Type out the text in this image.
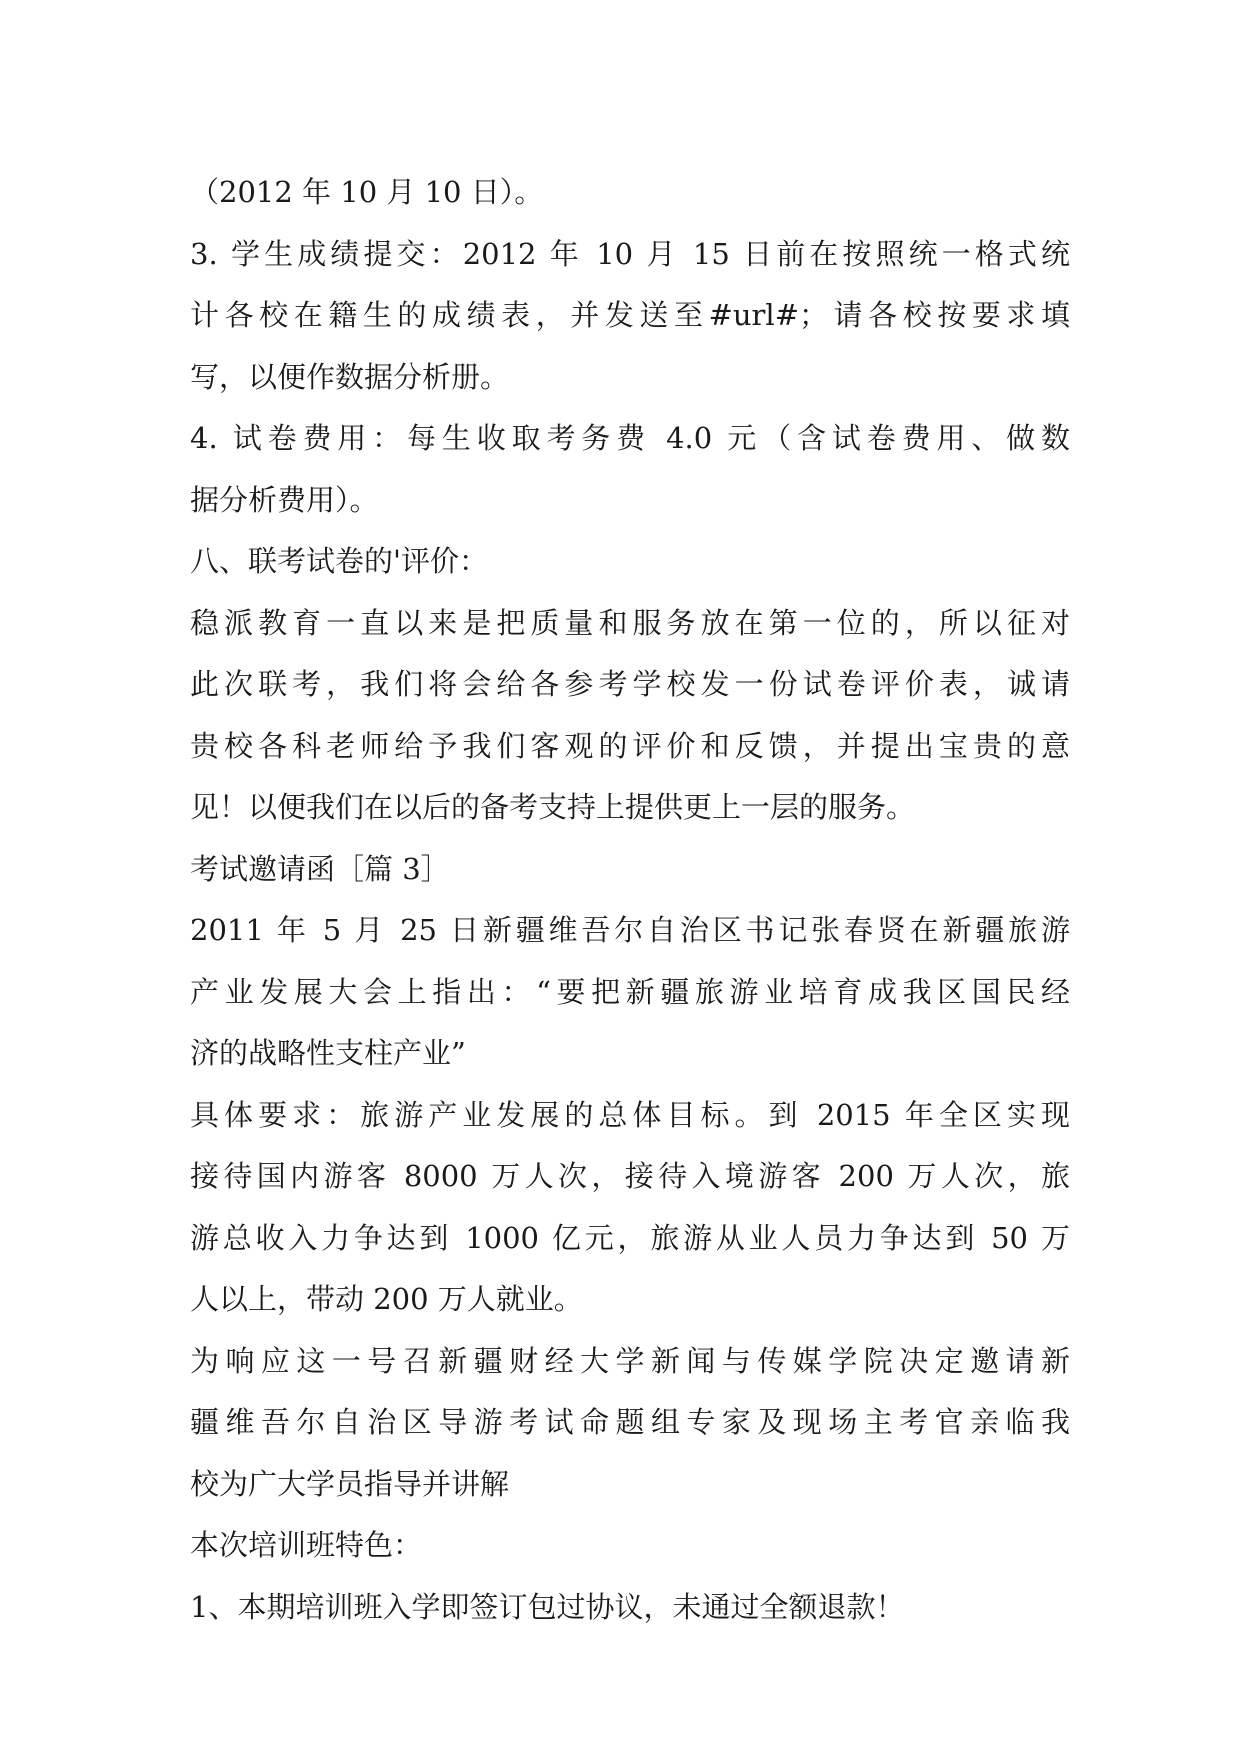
（2012 年 10 月 10 日）。
3. 学生成绩提交：2012 年 10 月 15 日前在按照统一格式统
计各校在籍生的成绩表，并发送至#url#；请各校按要求填
写，以便作数据分析册。
4. 试卷费用：每生收取考务费 4.0 元（含试卷费用、做数
据分析费用）。
八、联考试卷的'评价：
稳派教育一直以来是把质量和服务放在第一位的，所以征对
此次联考，我们将会给各参考学校发一份试卷评价表，诚请
贵校各科老师给予我们客观的评价和反馈，并提出宝贵的意
见！以便我们在以后的备考支持上提供更上一层的服务。
考试邀请函［篇 3］
2011 年 5 月 25 日新疆维吾尔自治区书记张春贤在新疆旅游
产业发展大会上指出：“要把新疆旅游业培育成我区国民经
济的战略性支柱产业”
具体要求：旅游产业发展的总体目标。到 2015 年全区实现
接待国内游客 8000 万人次，接待入境游客 200 万人次，旅
游总收入力争达到 1000 亿元，旅游从业人员力争达到 50 万
人以上，带动 200 万人就业。
为响应这一号召新疆财经大学新闻与传媒学院决定邀请新
疆维吾尔自治区导游考试命题组专家及现场主考官亲临我
校为广大学员指导并讲解
本次培训班特色：
1、本期培训班入学即签订包过协议，未通过全额退款！
